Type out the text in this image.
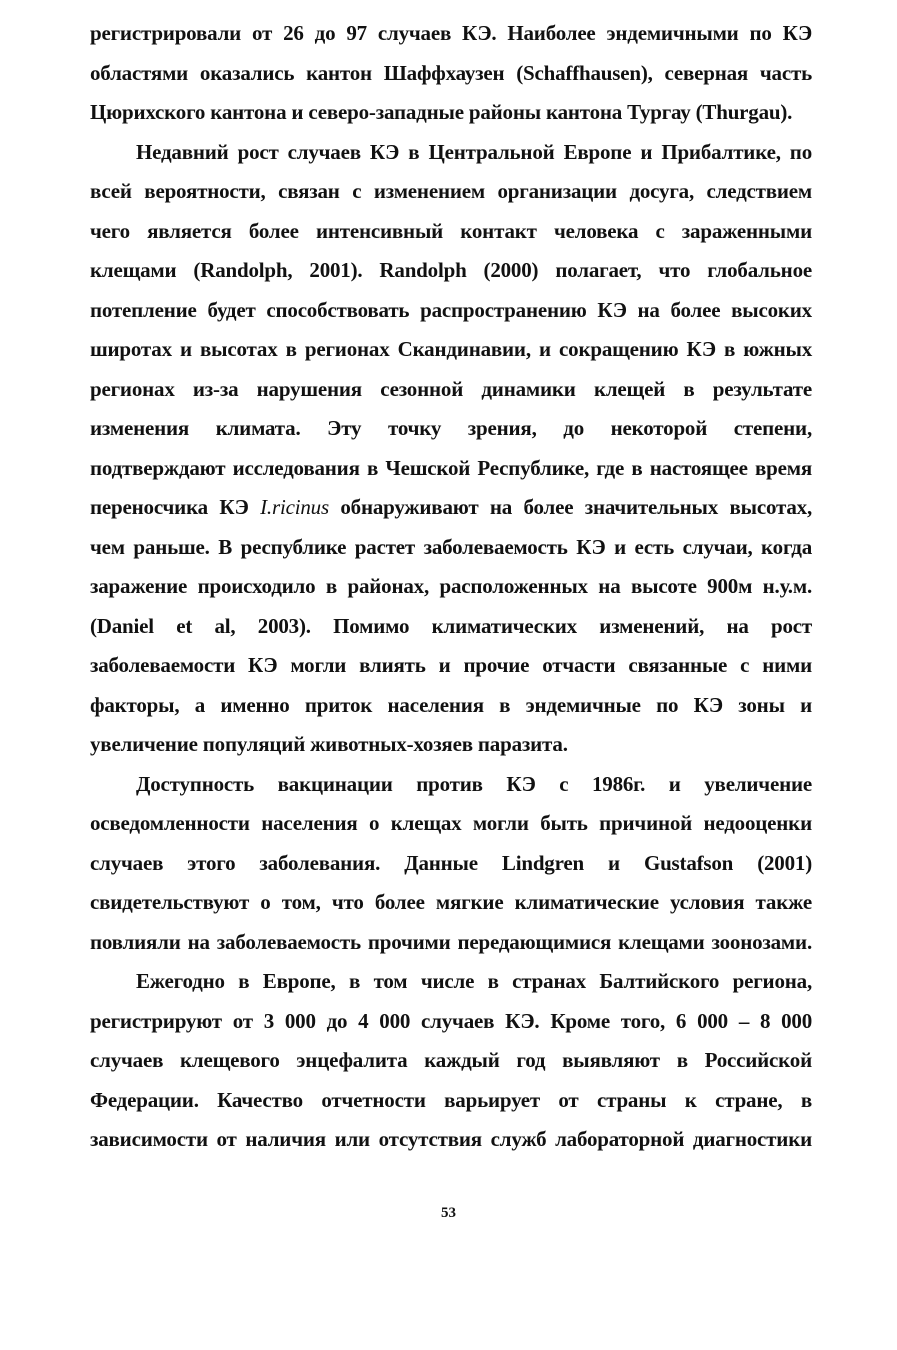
регистрировали от 26 до 97 случаев КЭ. Наиболее эндемичными по КЭ
областями оказались кантон Шаффхаузен (Schaffhausen), северная часть
Цюрихского кантона и северо-западные районы кантона Тургау (Thurgau).
Недавний рост случаев КЭ в Центральной Европе и Прибалтике, по
всей вероятности, связан с изменением организации досуга, следствием
чего является более интенсивный контакт человека с зараженными
клещами (Randolph, 2001). Randolph (2000) полагает, что глобальное
потепление будет способствовать распространению КЭ на более высоких
широтах и высотах в регионах Скандинавии, и сокращению КЭ в южных
регионах из-за нарушения сезонной динамики клещей в результате
изменения климата. Эту точку зрения, до некоторой степени,
подтверждают исследования в Чешской Республике, где в настоящее время
переносчика КЭ I.ricinus обнаруживают на более значительных высотах,
чем раньше. В республике растет заболеваемость КЭ и есть случаи, когда
заражение происходило в районах, расположенных на высоте 900м н.у.м.
(Daniel et al, 2003). Помимо климатических изменений, на рост
заболеваемости КЭ могли влиять и прочие отчасти связанные с ними
факторы, а именно приток населения в эндемичные по КЭ зоны и
увеличение популяций животных-хозяев паразита.
Доступность вакцинации против КЭ с 1986г. и увеличение
осведомленности населения о клещах могли быть причиной недооценки
случаев этого заболевания. Данные Lindgren и Gustafson (2001)
свидетельствуют о том, что более мягкие климатические условия также
повлияли на заболеваемость прочими передающимися клещами зоонозами.
Ежегодно в Европе, в том числе в странах Балтийского региона,
регистрируют от 3 000 до 4 000 случаев КЭ. Кроме того, 6 000 – 8 000
случаев клещевого энцефалита каждый год выявляют в Российской
Федерации. Качество отчетности варьирует от страны к стране, в
зависимости от наличия или отсутствия служб лабораторной диагностики
53
